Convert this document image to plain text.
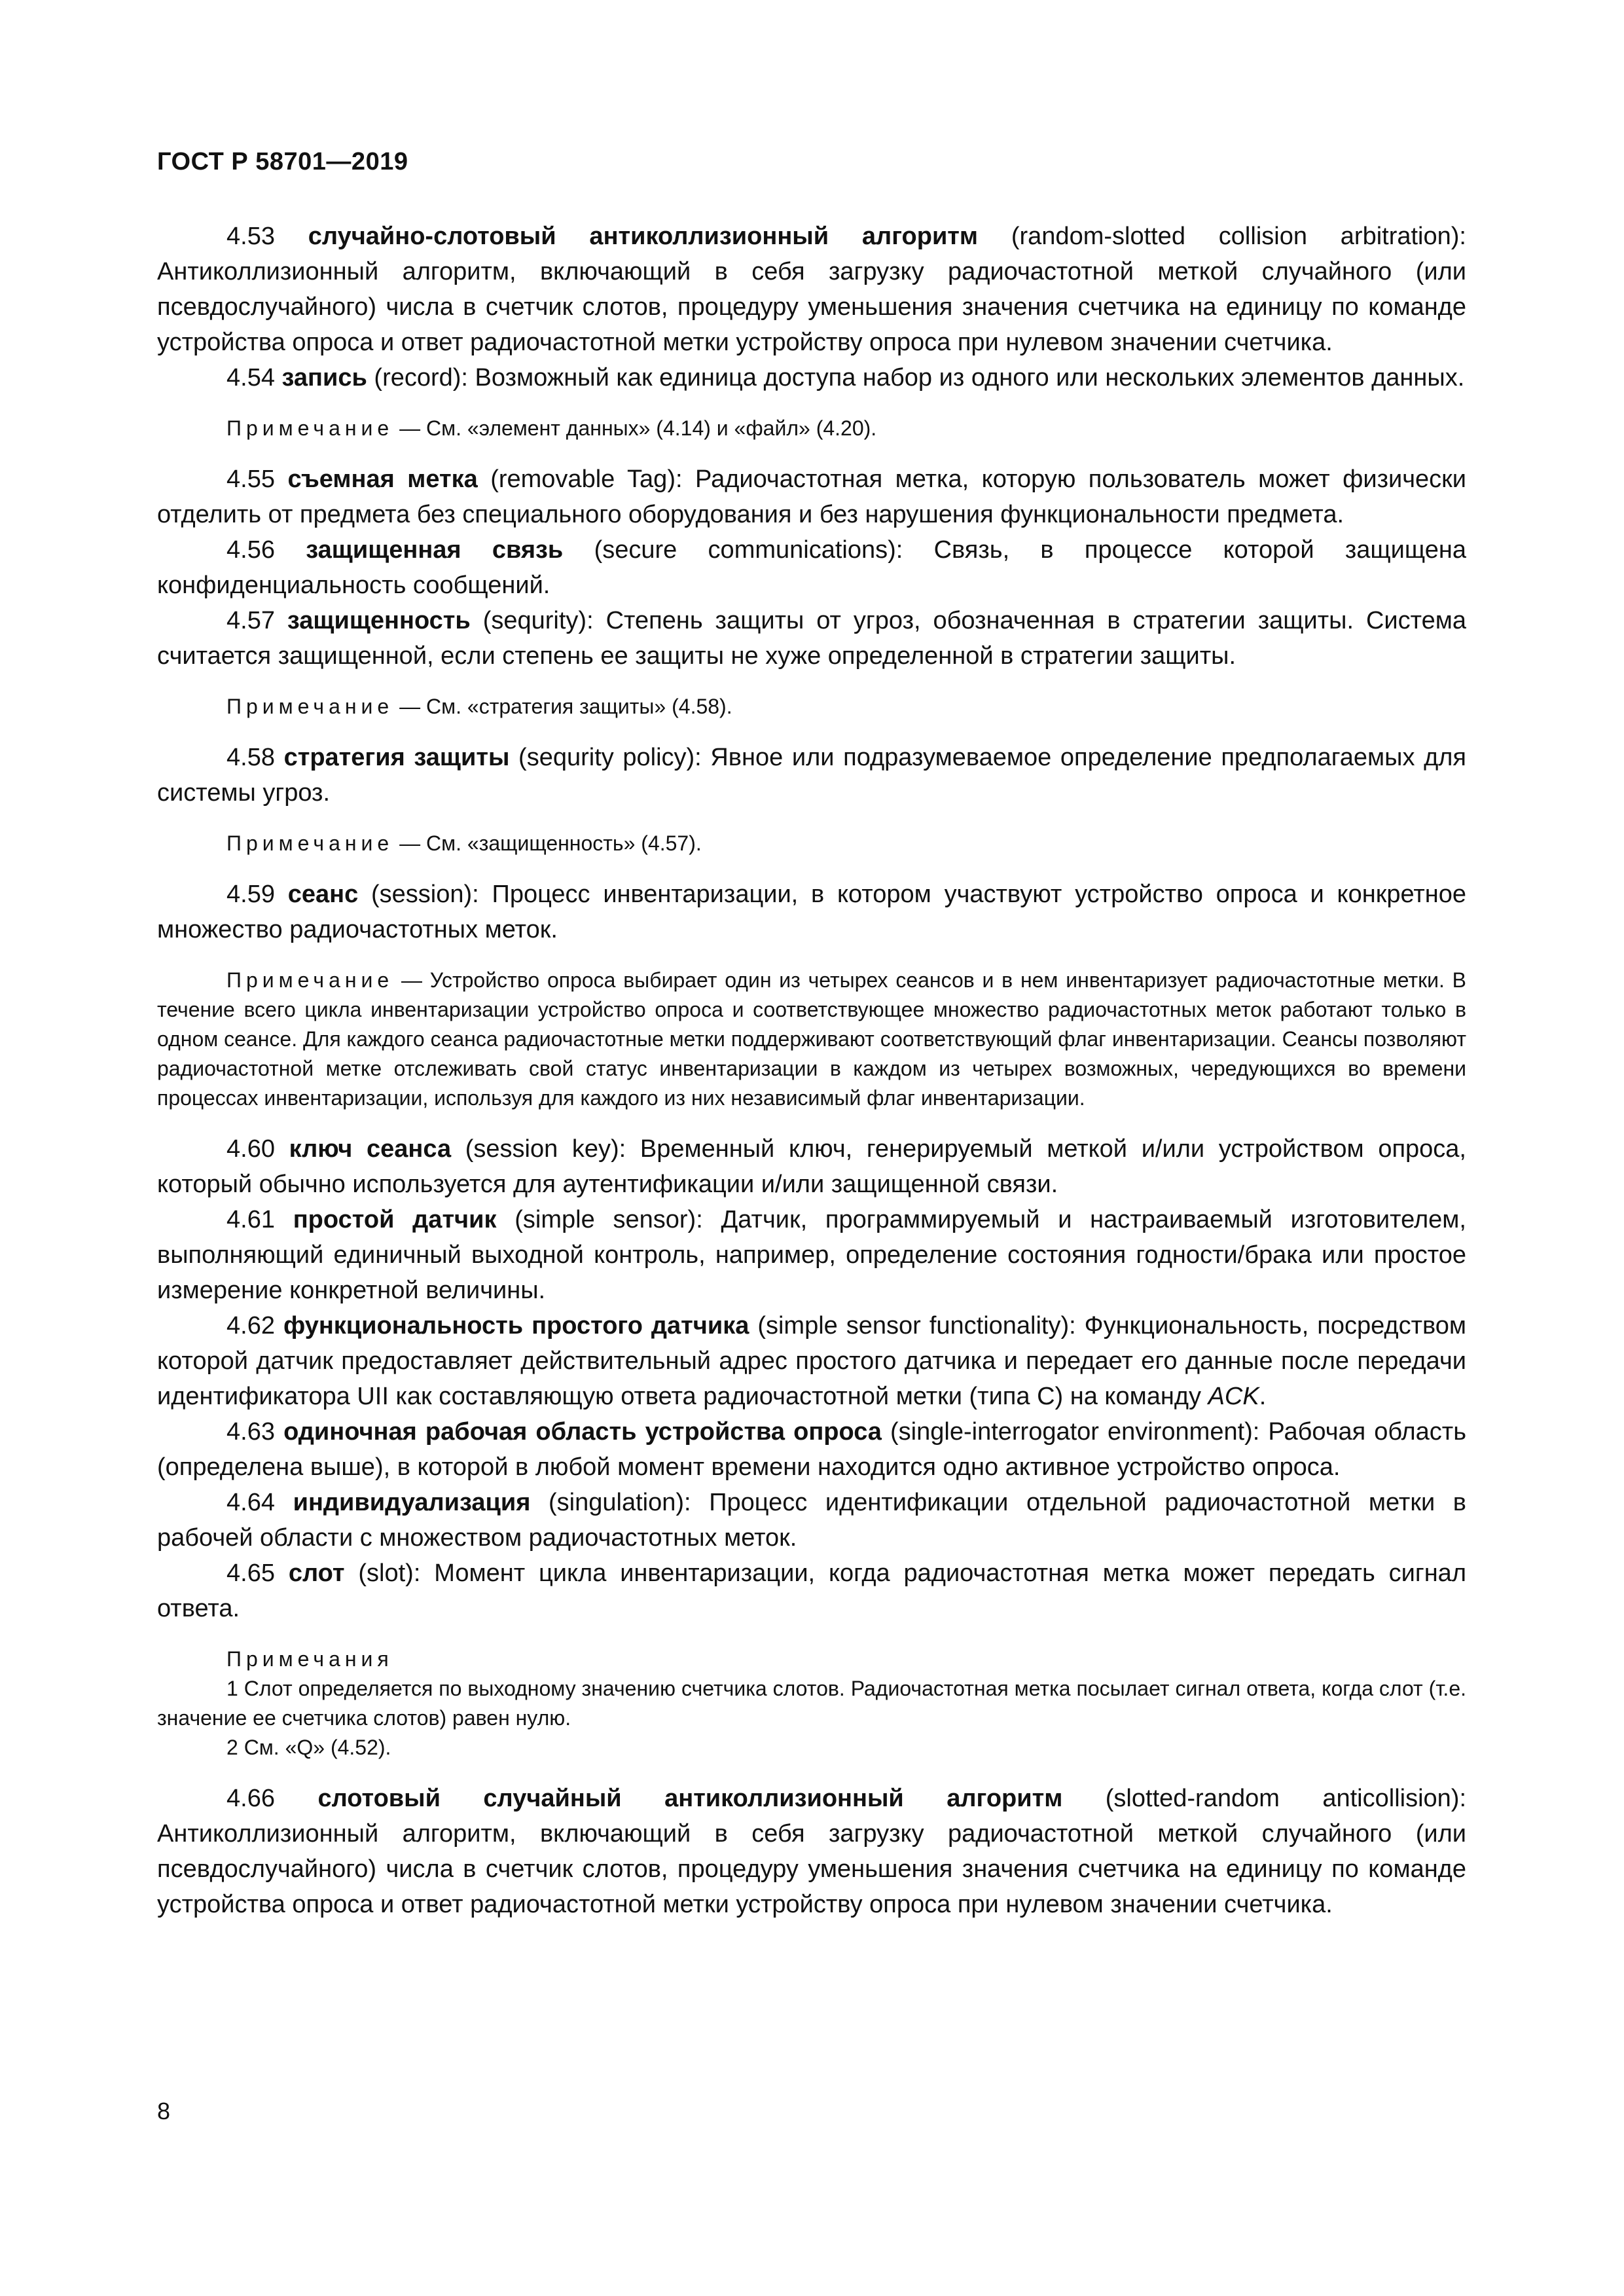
ГОСТ Р 58701—2019

4.53 случайно-слотовый антиколлизионный алгоритм (random-slotted collision arbitration): Антиколлизионный алгоритм, включающий в себя загрузку радиочастотной меткой случайного (или псевдослучайного) числа в счетчик слотов, процедуру уменьшения значения счетчика на единицу по команде устройства опроса и ответ радиочастотной метки устройству опроса при нулевом значении счетчика.

4.54 запись (record): Возможный как единица доступа набор из одного или нескольких элементов данных.

Примечание — См. «элемент данных» (4.14) и «файл» (4.20).

4.55 съемная метка (removable Tag): Радиочастотная метка, которую пользователь может физически отделить от предмета без специального оборудования и без нарушения функциональности предмета.

4.56 защищенная связь (secure communications): Связь, в процессе которой защищена конфиденциальность сообщений.

4.57 защищенность (sequrity): Степень защиты от угроз, обозначенная в стратегии защиты. Система считается защищенной, если степень ее защиты не хуже определенной в стратегии защиты.

Примечание — См. «стратегия защиты» (4.58).

4.58 стратегия защиты (sequrity policy): Явное или подразумеваемое определение предполагаемых для системы угроз.

Примечание — См. «защищенность» (4.57).

4.59 сеанс (session): Процесс инвентаризации, в котором участвуют устройство опроса и конкретное множество радиочастотных меток.

Примечание — Устройство опроса выбирает один из четырех сеансов и в нем инвентаризует радиочастотные метки. В течение всего цикла инвентаризации устройство опроса и соответствующее множество радиочастотных меток работают только в одном сеансе. Для каждого сеанса радиочастотные метки поддерживают соответствующий флаг инвентаризации. Сеансы позволяют радиочастотной метке отслеживать свой статус инвентаризации в каждом из четырех возможных, чередующихся во времени процессах инвентаризации, используя для каждого из них независимый флаг инвентаризации.

4.60 ключ сеанса (session key): Временный ключ, генерируемый меткой и/или устройством опроса, который обычно используется для аутентификации и/или защищенной связи.

4.61 простой датчик (simple sensor): Датчик, программируемый и настраиваемый изготовителем, выполняющий единичный выходной контроль, например, определение состояния годности/брака или простое измерение конкретной величины.

4.62 функциональность простого датчика (simple sensor functionality): Функциональность, посредством которой датчик предоставляет действительный адрес простого датчика и передает его данные после передачи идентификатора UII как составляющую ответа радиочастотной метки (типа С) на команду ACK.

4.63 одиночная рабочая область устройства опроса (single-interrogator environment): Рабочая область (определена выше), в которой в любой момент времени находится одно активное устройство опроса.

4.64 индивидуализация (singulation): Процесс идентификации отдельной радиочастотной метки в рабочей области с множеством радиочастотных меток.

4.65 слот (slot): Момент цикла инвентаризации, когда радиочастотная метка может передать сигнал ответа.

Примечания

1 Слот определяется по выходному значению счетчика слотов. Радиочастотная метка посылает сигнал ответа, когда слот (т.е. значение ее счетчика слотов) равен нулю.

2 См. «Q» (4.52).

4.66 слотовый случайный антиколлизионный алгоритм (slotted-random anticollision): Антиколлизионный алгоритм, включающий в себя загрузку радиочастотной меткой случайного (или псевдослучайного) числа в счетчик слотов, процедуру уменьшения значения счетчика на единицу по команде устройства опроса и ответ радиочастотной метки устройству опроса при нулевом значении счетчика.

8
